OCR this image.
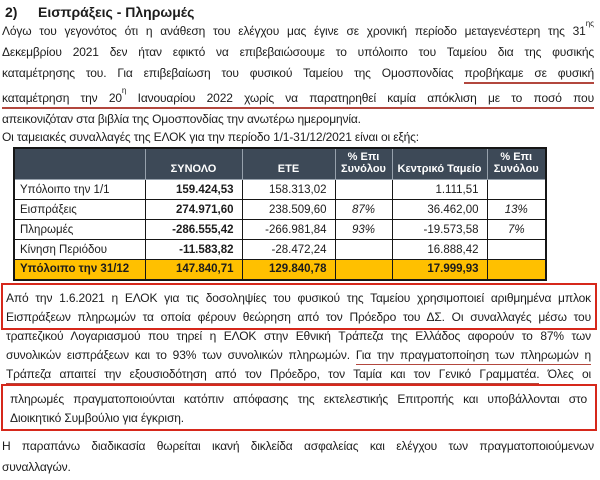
2) Εισπράξεις - Πληρωμές
Λόγω του γεγονότος ότι η ανάθεση του ελέγχου μας έγινε σε χρονική περίοδο μεταγενέστερη της $31^{\eta\varsigma}$
Δεκεμβρίου 2021 δεν ήταν εφικτό να επιβεβαιώσουμε το υπόλοιπο του Ταμείου δια της φυσικής
καταμέτρησης του. Για επιβεβαίωση του φυσικού Ταμείου της Ομοσπονδίας προβήκαμε σε φυσική
καταμέτρηση την $20^\eta$ Ιανουαρίου 2022 χωρίς να παρατηρηθεί καμία απόκλιση με το ποσό που
απεικονιζόταν στα βιβλία της Ομοσπονδίας την ανωτέρω ημερομηνία.
Οι ταμειακές συναλλαγές της ΕΛΟΚ για την περίοδο 1/1-31/12/2021 είναι οι εξής:
	ΣΥΝΟΛΟ	ΕΤΕ	% Επι Συνόλου	Κεντρικό Ταμείο	% Επι Συνόλου
Υπόλοιπο την 1/1	159.424,53	158.313,02		1.111,51	
Εισπράξεις	274.971,60	238.509,60	87%	36.462,00	13%
Πληρωμές	-286.555,42	-266.981,84	93%	-19.573,58	7%
Κίνηση Περιόδου	-11.583,82	-28.472,24		16.888,42	
Υπόλοιπο την 31/12	147.840,71	129.840,78		17.999,93	
Από την 1.6.2021 η ΕΛΟΚ για τις δοσοληψίες του φυσικού της Ταμείου χρησιμοποιεί αριθμημένα μπλοκ
Εισπράξεων πληρωμών τα οποία φέρουν θεώρηση από τον Πρόεδρο του ΔΣ. Οι συναλλαγές μέσω του
τραπεζικού Λογαριασμού που τηρεί η ΕΛΟΚ στην Εθνική Τράπεζα της Ελλάδος αφορούν το 87% των
συνολικών εισπράξεων και το 93% των συνολικών πληρωμών. Για την πραγματοποίηση των πληρωμών η
Τράπεζα απαιτεί την εξουσιοδότηση από τον Πρόεδρο, τον Ταμία και τον Γενικό Γραμματέα. Όλες οι
πληρωμές πραγματοποιούνται κατόπιν απόφασης της εκτελεστικής Επιτροπής και υποβάλλονται στο
Διοικητικό Συμβούλιο για έγκριση.
Η παραπάνω διαδικασία θωρείται ικανή δικλείδα ασφαλείας και ελέγχου των πραγματοποιούμενων
συναλλαγών.
